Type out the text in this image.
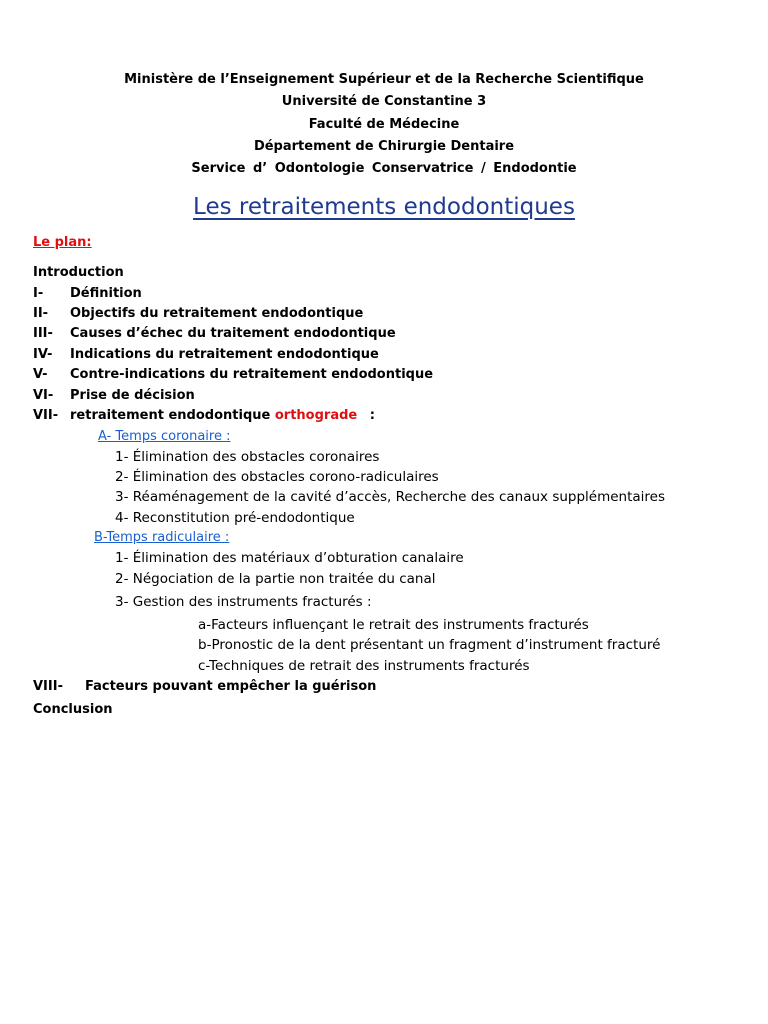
Ministère de l’Enseignement Supérieur et de la Recherche Scientifique
Université de Constantine 3
Faculté de Médecine
Département de Chirurgie Dentaire
Service d’ Odontologie Conservatrice / Endodontie
Les retraitements endodontiques
Le plan:
Introduction
I- Définition
II- Objectifs du retraitement endodontique
III- Causes d’échec du traitement endodontique
IV- Indications du retraitement endodontique
V- Contre-indications du retraitement endodontique
VI- Prise de décision
VII- retraitement endodontique orthograde :
A- Temps coronaire :
1- Élimination des obstacles coronaires
2- Élimination des obstacles corono-radiculaires
3- Réaménagement de la cavité d’accès, Recherche des canaux supplémentaires
4- Reconstitution pré-endodontique
B-Temps radiculaire :
1- Élimination des matériaux d’obturation canalaire
2- Négociation de la partie non traitée du canal
3- Gestion des instruments fracturés :
a-Facteurs influençant le retrait des instruments fracturés
b-Pronostic de la dent présentant un fragment d’instrument fracturé
c-Techniques de retrait des instruments fracturés
VIII- Facteurs pouvant empêcher la guérison
Conclusion
